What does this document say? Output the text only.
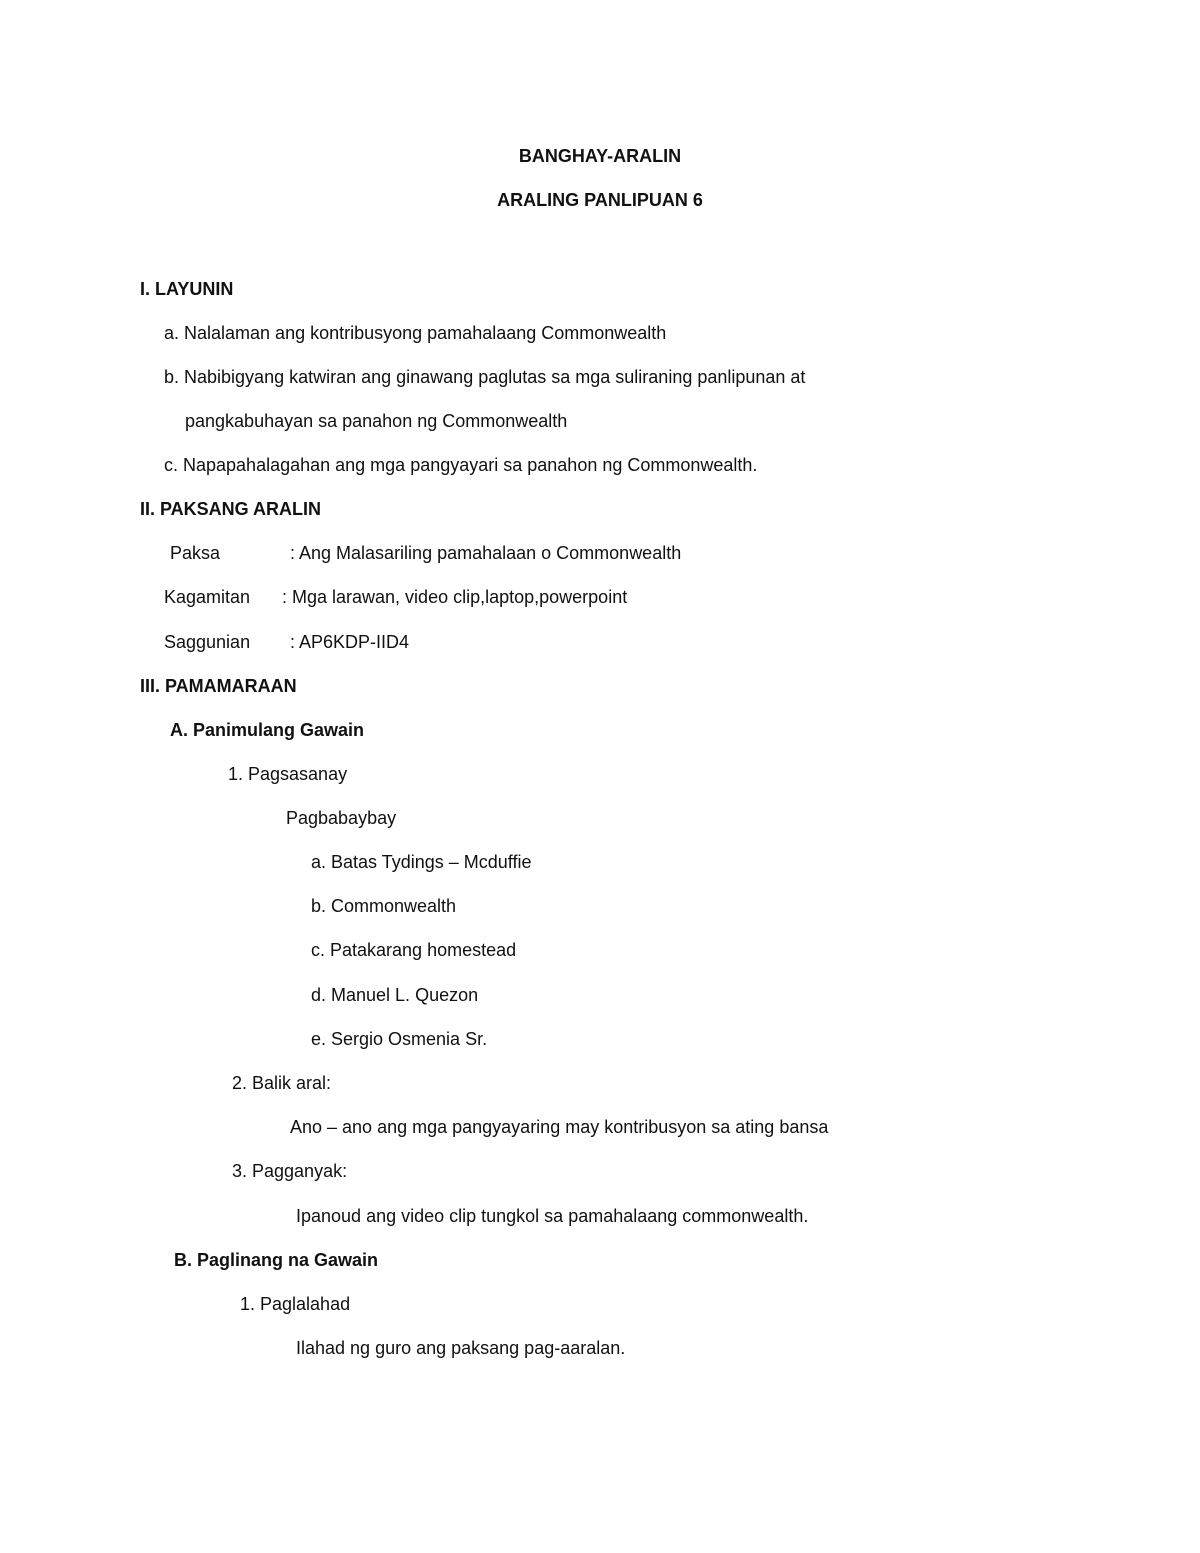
BANGHAY-ARALIN
ARALING PANLIPUAN 6
I. LAYUNIN
a. Nalalaman ang kontribusyong pamahalaang Commonwealth
b. Nabibigyang katwiran ang ginawang paglutas sa mga suliraning panlipunan at
pangkabuhayan sa panahon ng Commonwealth
c. Napapahalagahan ang mga pangyayari sa panahon ng Commonwealth.
II. PAKSANG ARALIN
Paksa	: Ang Malasariling pamahalaan o Commonwealth
Kagamitan : Mga larawan, video clip,laptop,powerpoint
Saggunian : AP6KDP-IID4
III. PAMAMARAAN
A. Panimulang Gawain
1. Pagsasanay
Pagbabaybay
a. Batas Tydings – Mcduffie
b. Commonwealth
c. Patakarang homestead
d. Manuel L. Quezon
e. Sergio Osmenia Sr.
2. Balik aral:
Ano – ano ang mga pangyayaring may kontribusyon sa ating bansa
3. Pagganyak:
Ipanoud ang video clip tungkol sa pamahalaang commonwealth.
B. Paglinang na Gawain
1. Paglalahad
Ilahad ng guro ang paksang pag-aaralan.
